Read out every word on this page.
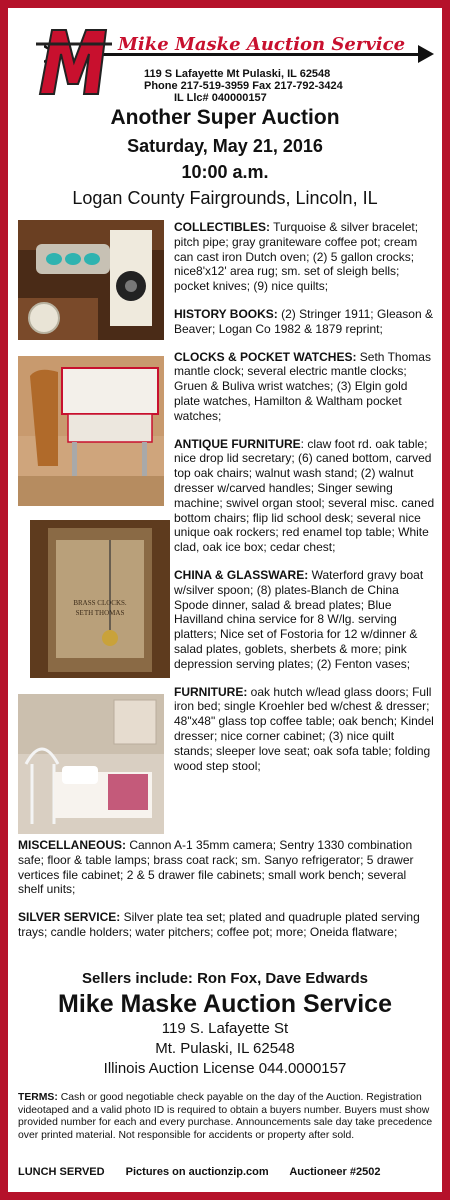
Mike Maske Auction Service
119 S Lafayette Mt Pulaski, IL 62548
Phone 217-519-3959 Fax 217-792-3424
IL Llc# 040000157
Another Super Auction
Saturday, May 21, 2016
10:00 a.m.
Logan County Fairgrounds, Lincoln, IL
BRASS CLOCKS.
SETH THOMAS

COLLECTIBLES: Turquoise & silver bracelet; pitch pipe; gray graniteware coffee pot; cream can cast iron Dutch oven; (2) 5 gallon crocks; nice8'x12' area rug; sm. set of sleigh bells; pocket knives; (9) nice quilts;

HISTORY BOOKS: (2) Stringer 1911; Gleason & Beaver; Logan Co 1982 & 1879 reprint;

CLOCKS & POCKET WATCHES: Seth Thomas mantle clock; several electric mantle clocks; Gruen & Buliva wrist watches; (3) Elgin gold plate watches, Hamilton & Waltham pocket watches;

ANTIQUE FURNITURE: claw foot rd. oak table; nice drop lid secretary; (6) caned bottom, carved top oak chairs; walnut wash stand; (2) walnut dresser w/carved handles; Singer sewing machine; swivel organ stool; several misc. caned bottom chairs; flip lid school desk; several nice unique oak rockers; red enamel top table; White clad, oak ice box; cedar chest;

CHINA & GLASSWARE: Waterford gravy boat w/silver spoon; (8) plates-Blanch de China Spode dinner, salad & bread plates; Blue Havilland china service for 8 W/lg. serving platters; Nice set of Fostoria for 12 w/dinner & salad plates, goblets, sherbets & more; pink depression serving plates; (2) Fenton vases;

FURNITURE: oak hutch w/lead glass doors; Full iron bed; single Kroehler bed w/chest & dresser; 48"x48" glass top coffee table; oak bench; Kindel dresser; nice corner cabinet; (3) nice quilt stands; sleeper love seat; oak sofa table; folding wood step stool;

MISCELLANEOUS: Cannon A-1 35mm camera; Sentry 1330 combination safe; floor & table lamps; brass coat rack; sm. Sanyo refrigerator; 5 drawer vertices file cabinet; 2 & 5 drawer file cabinets; small work bench; several shelf units;

SILVER SERVICE: Silver plate tea set; plated and quadruple plated serving trays; candle holders; water pitchers; coffee pot; more; Oneida flatware;

Sellers include: Ron Fox, Dave Edwards
Mike Maske Auction Service
119 S. Lafayette St
Mt. Pulaski, IL 62548
Illinois Auction License 044.0000157
TERMS: Cash or good negotiable check payable on the day of the Auction. Registration videotaped and a valid photo ID is required to obtain a buyers number. Buyers must show provided number for each and every purchase. Announcements sale day take precedence over printed material. Not responsible for accidents or property after sold.
LUNCH SERVED Pictures on auctionzip.com Auctioneer #2502
